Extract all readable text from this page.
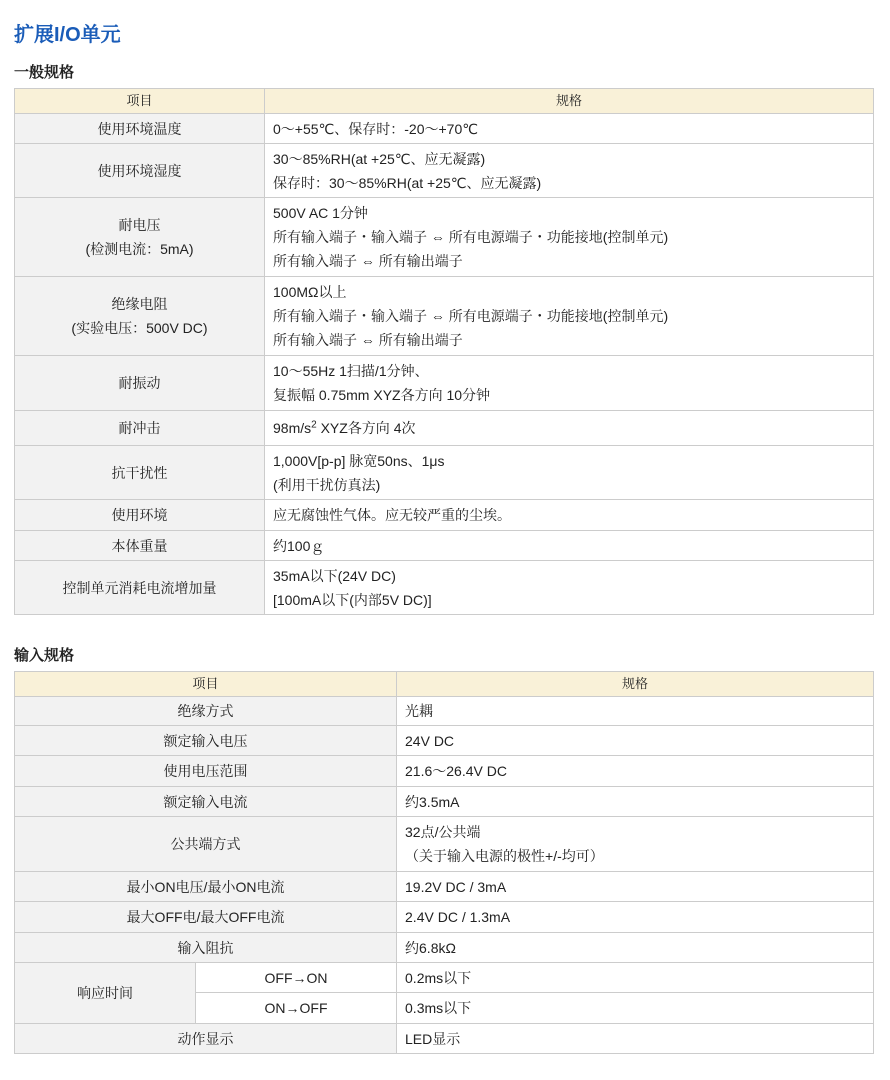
扩展I/O单元
一般规格
项目	规格
使用环境温度	0～+55℃、保存时：-20～+70℃
使用环境湿度	30～85%RH(at +25℃、应无凝露)
保存时：30～85%RH(at +25℃、应无凝露)

耐电压
(检测电流：5mA)	500V AC 1分钟
所有输入端子・输入端子 ⇔ 所有电源端子・功能接地(控制单元)
所有输入端子 ⇔ 所有输出端子

绝缘电阻
(实验电压：500V DC)	100MΩ以上
所有输入端子・输入端子 ⇔ 所有电源端子・功能接地(控制单元)
所有输入端子 ⇔ 所有输出端子

耐振动	10～55Hz 1扫描/1分钟、
复振幅 0.75mm XYZ各方向 10分钟

耐冲击	$98m/s^2$ XYZ各方向 4次
抗干扰性	1,000V[p-p] 脉宽50ns、1μs
(利用干扰仿真法)

使用环境	应无腐蚀性气体。应无较严重的尘埃。
本体重量	约100ｇ
控制单元消耗电流增加量	35mA以下(24V DC)
[100mA以下(内部5V DC)]
输入规格
项目		规格
绝缘方式		光耦
额定输入电压		24V DC
使用电压范围		21.6～26.4V DC
额定输入电流		约3.5mA
公共端方式		32点/公共端
（关于输入电源的极性+/-均可）

最小ON电压/最小ON电流		19.2V DC / 3mA
最大OFF电/最大OFF电流		2.4V DC / 1.3mA
输入阻抗		约6.8kΩ
响应时间	OFF→ON	0.2ms以下
	ON→OFF	0.3ms以下
动作显示		LED显示
